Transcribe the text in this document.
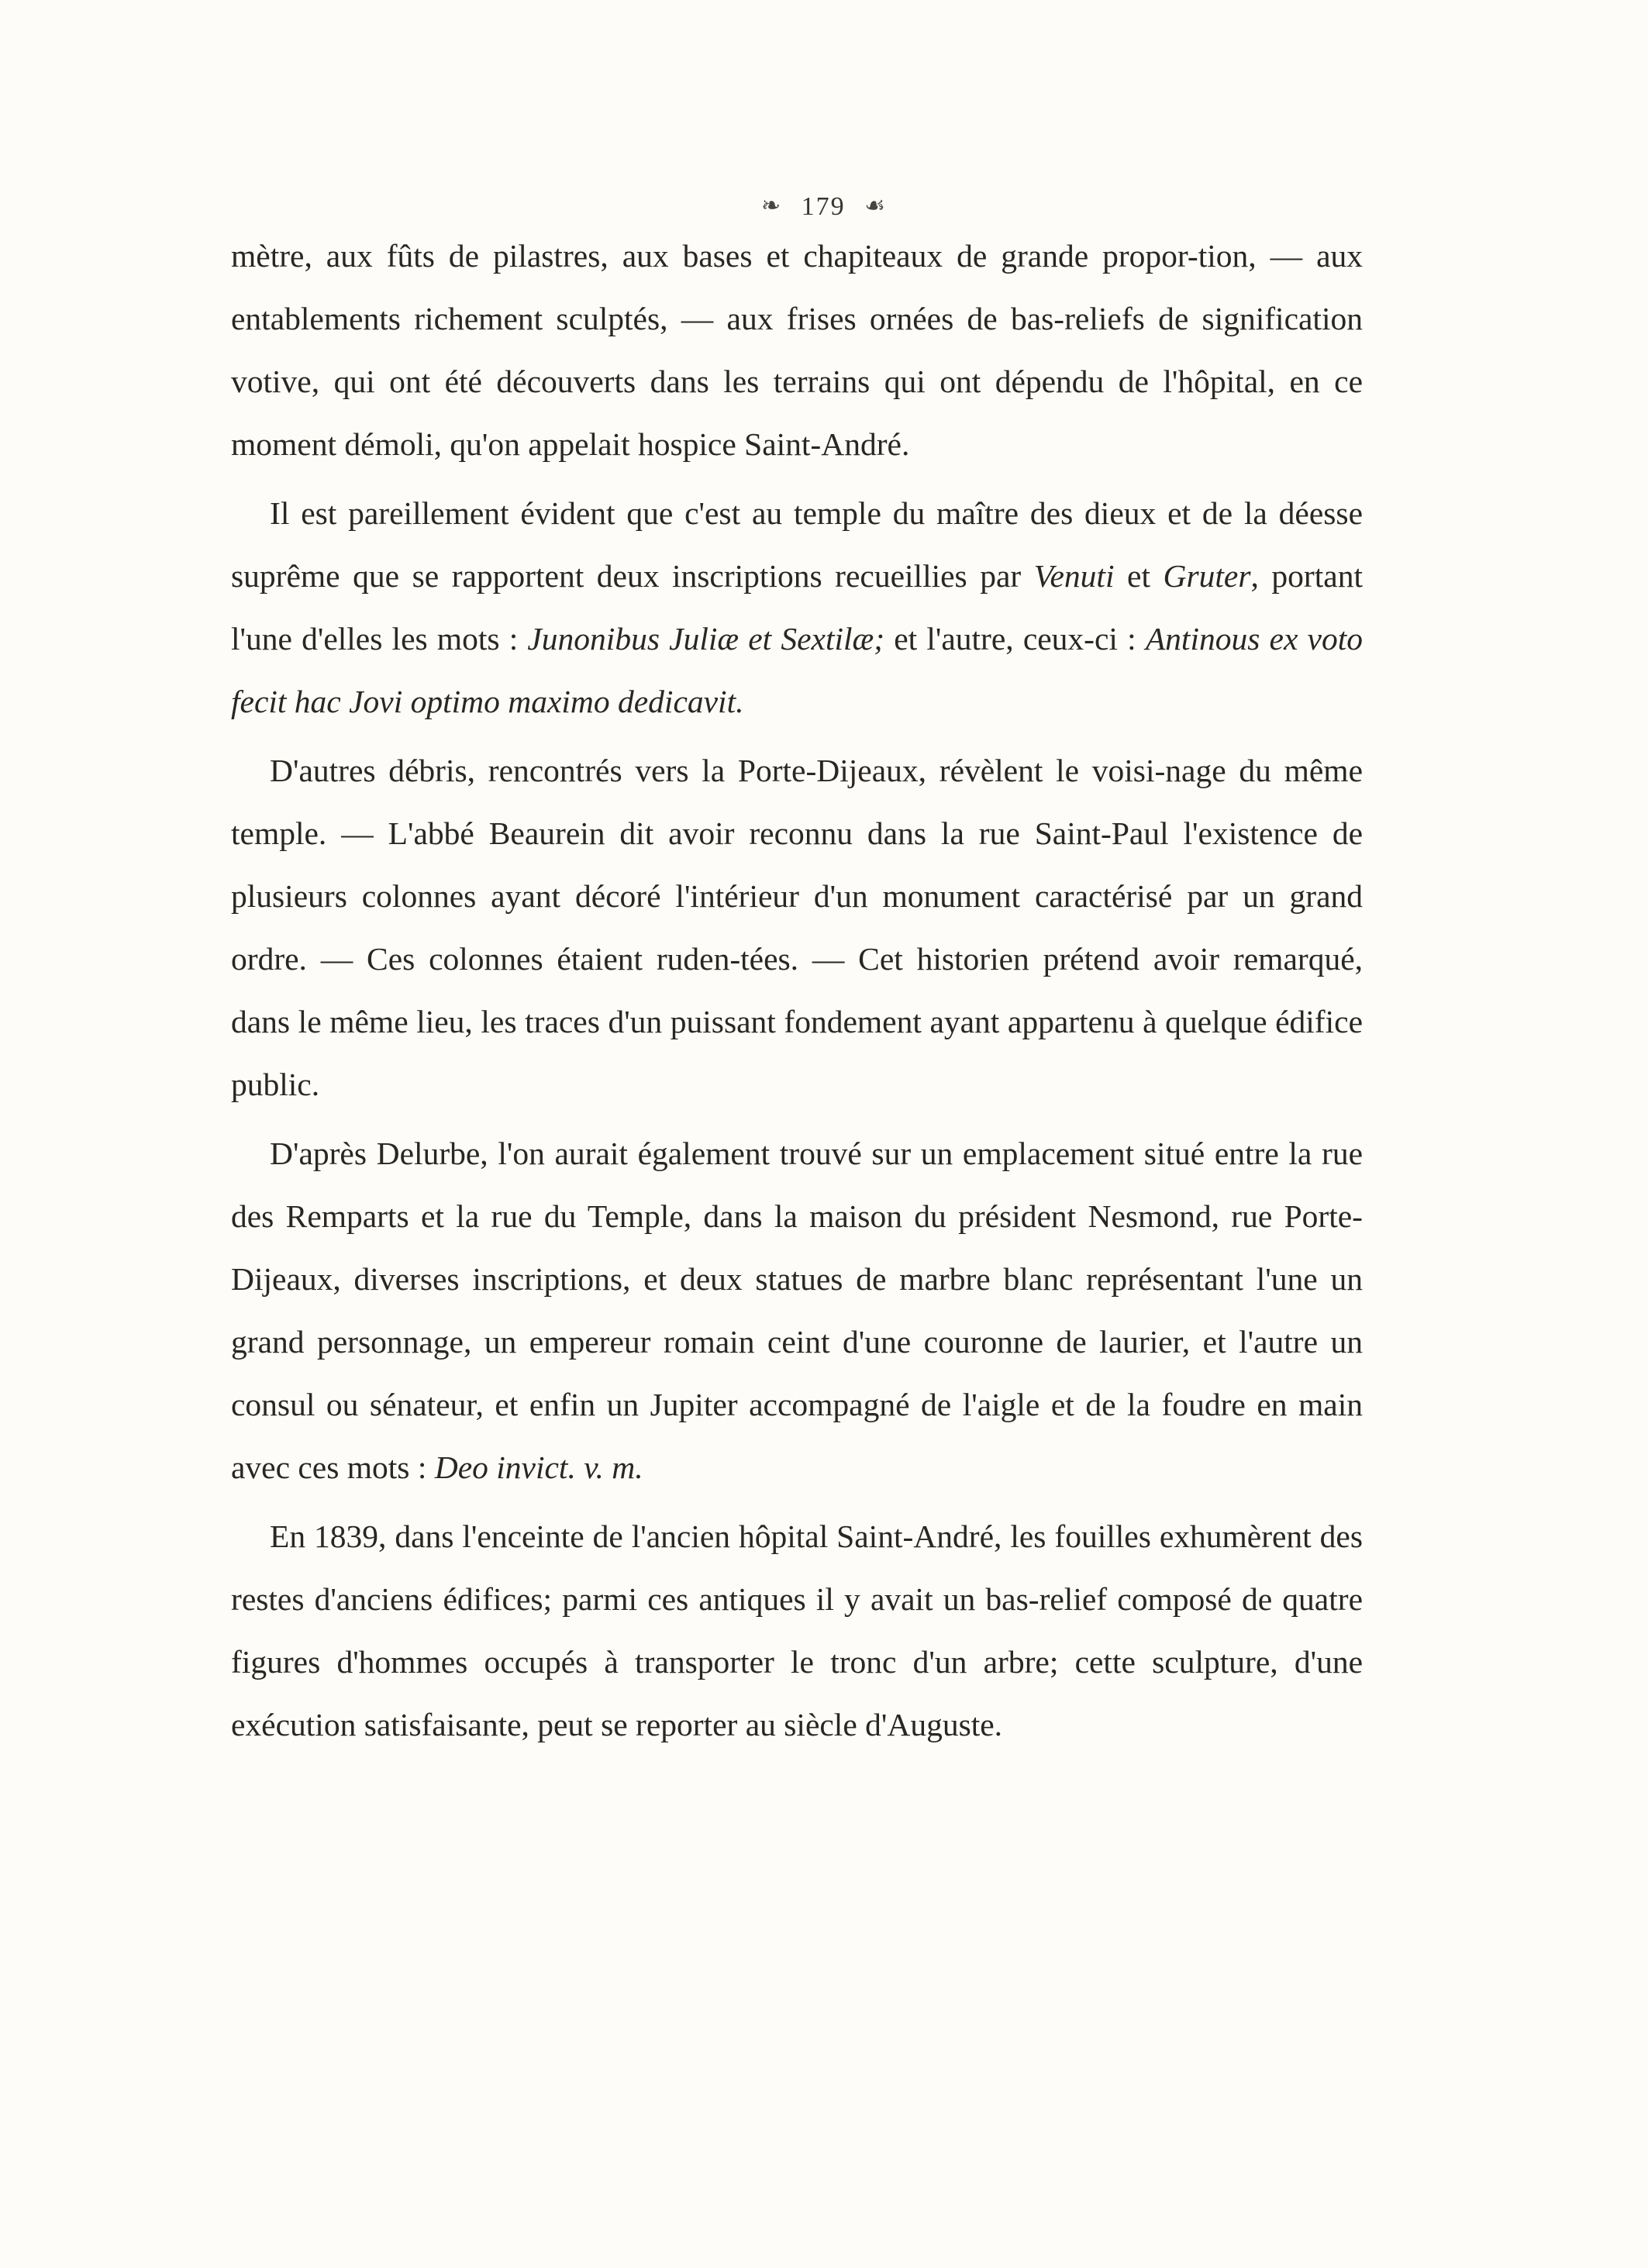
❧ 179 ☙

mètre, aux fûts de pilastres, aux bases et chapiteaux de grande propor-tion, — aux entablements richement sculptés, — aux frises ornées de bas-reliefs de signification votive, qui ont été découverts dans les terrains qui ont dépendu de l'hôpital, en ce moment démoli, qu'on appelait hospice Saint-André.

Il est pareillement évident que c'est au temple du maître des dieux et de la déesse suprême que se rapportent deux inscriptions recueillies par Venuti et Gruter, portant l'une d'elles les mots : Junonibus Juliæ et Sextilæ; et l'autre, ceux-ci : Antinous ex voto fecit hac Jovi optimo maximo dedicavit.

D'autres débris, rencontrés vers la Porte-Dijeaux, révèlent le voisi-nage du même temple. — L'abbé Beaurein dit avoir reconnu dans la rue Saint-Paul l'existence de plusieurs colonnes ayant décoré l'intérieur d'un monument caractérisé par un grand ordre. — Ces colonnes étaient ruden-tées. — Cet historien prétend avoir remarqué, dans le même lieu, les traces d'un puissant fondement ayant appartenu à quelque édifice public.

D'après Delurbe, l'on aurait également trouvé sur un emplacement situé entre la rue des Remparts et la rue du Temple, dans la maison du président Nesmond, rue Porte-Dijeaux, diverses inscriptions, et deux statues de marbre blanc représentant l'une un grand personnage, un empereur romain ceint d'une couronne de laurier, et l'autre un consul ou sénateur, et enfin un Jupiter accompagné de l'aigle et de la foudre en main avec ces mots : Deo invict. v. m.

En 1839, dans l'enceinte de l'ancien hôpital Saint-André, les fouilles exhumèrent des restes d'anciens édifices; parmi ces antiques il y avait un bas-relief composé de quatre figures d'hommes occupés à transporter le tronc d'un arbre; cette sculpture, d'une exécution satisfaisante, peut se reporter au siècle d'Auguste.
